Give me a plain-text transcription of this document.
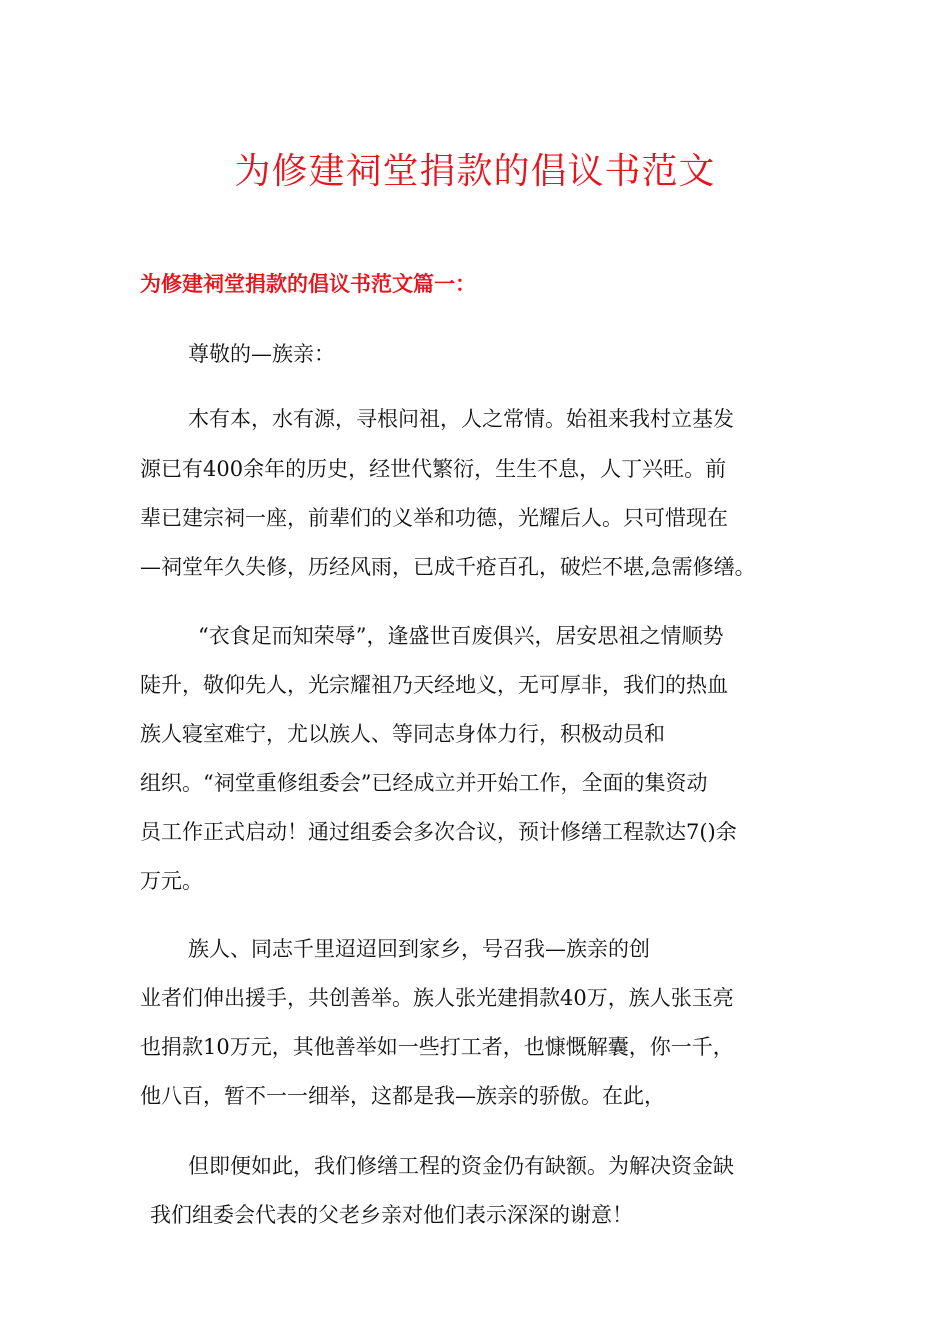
为修建祠堂捐款的倡议书范文
为修建祠堂捐款的倡议书范文篇一：
尊敬的—族亲：
木有本，水有源，寻根问祖，人之常情。始祖来我村立基发
源已有400余年的历史，经世代繁衍，生生不息，人丁兴旺。前
辈已建宗祠一座，前辈们的义举和功德，光耀后人。只可惜现在
—祠堂年久失修，历经风雨，已成千疮百孔，破烂不堪,急需修缮。
“衣食足而知荣辱”，逢盛世百废俱兴，居安思祖之情顺势
陡升，敬仰先人，光宗耀祖乃天经地义，无可厚非，我们的热血
族人寝室难宁，尤以族人、等同志身体力行，积极动员和
组织。“祠堂重修组委会”已经成立并开始工作，全面的集资动
员工作正式启动！通过组委会多次合议，预计修缮工程款达7()余
万元。
族人、同志千里迢迢回到家乡，号召我—族亲的创
业者们伸出援手，共创善举。族人张光建捐款40万，族人张玉亮
也捐款10万元，其他善举如一些打工者，也慷慨解囊，你一千，
他八百，暂不一一细举，这都是我—族亲的骄傲。在此，
但即便如此，我们修缮工程的资金仍有缺额。为解决资金缺
我们组委会代表的父老乡亲对他们表示深深的谢意！
